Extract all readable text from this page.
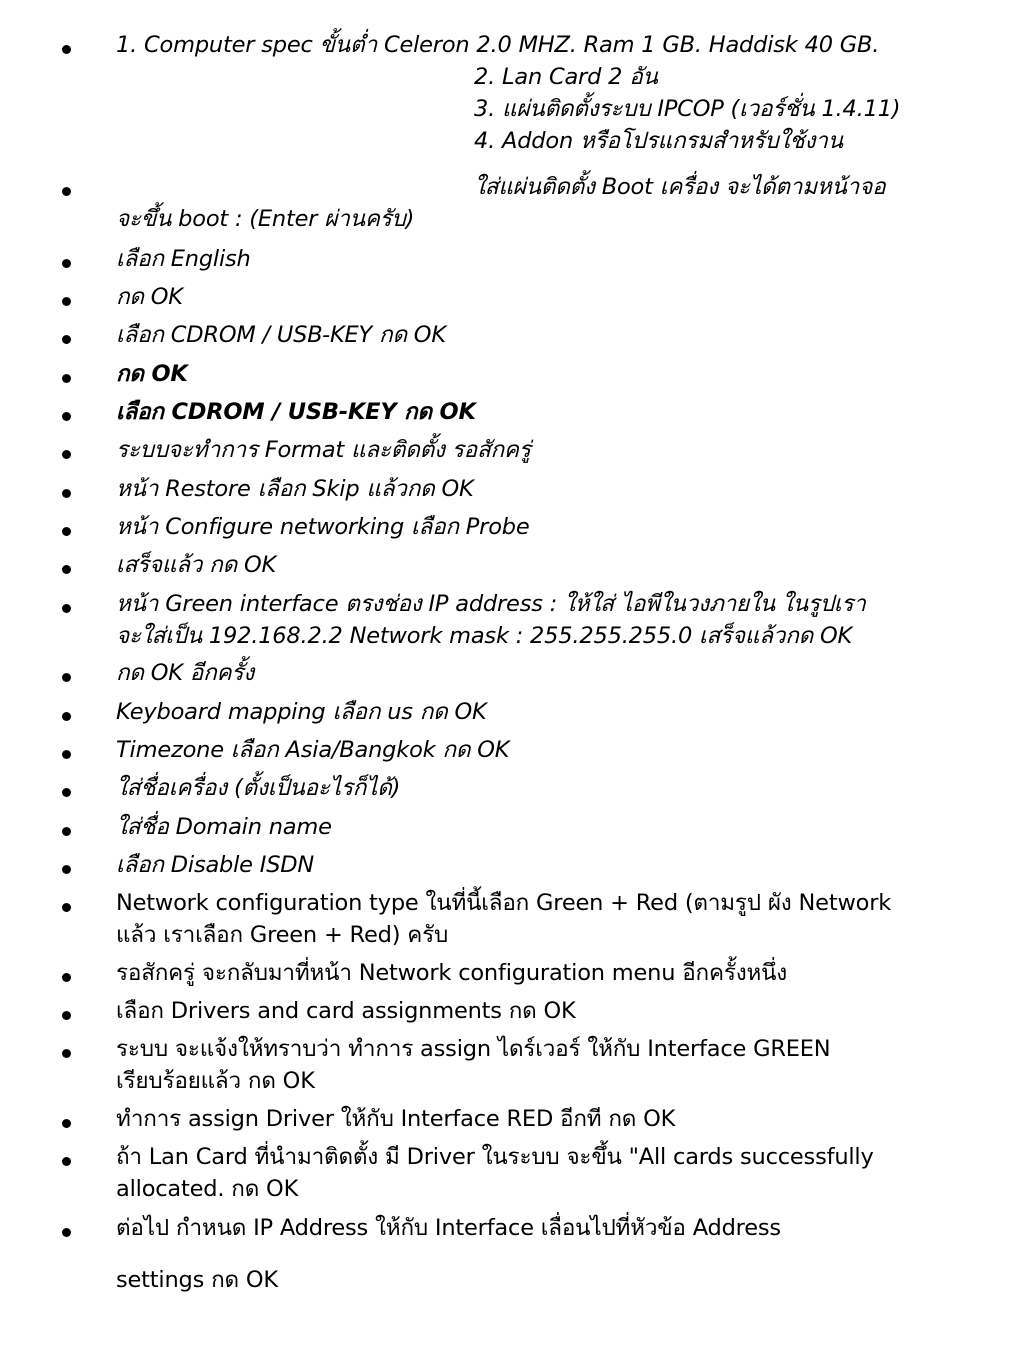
1. Computer spec ขั้นต่ำ Celeron 2.0 MHZ. Ram 1 GB. Haddisk 40 GB.
2. Lan Card 2 อัน
3. แผ่นติดตั้งระบบ IPCOP (เวอร์ชั่น 1.4.11)
4. Addon หรือโปรแกรมสำหรับใช้งาน
ใส่แผ่นติดตั้ง Boot เครื่อง จะได้ตามหน้าจอ
จะขึ้น boot : (Enter ผ่านครับ)
เลือก English
กด OK
เลือก CDROM / USB-KEY กด OK
กด OK
เลือก CDROM / USB-KEY กด OK
ระบบจะทำการ Format และติดตั้ง รอสักครู่
หน้า Restore เลือก Skip แล้วกด OK
หน้า Configure networking เลือก Probe
เสร็จแล้ว กด OK
หน้า Green interface ตรงช่อง IP address : ให้ใส่ ไอพีในวงภายใน ในรูปเรา
จะใส่เป็น 192.168.2.2 Network mask : 255.255.255.0 เสร็จแล้วกด OK
กด OK อีกครั้ง
Keyboard mapping เลือก us กด OK
Timezone เลือก Asia/Bangkok กด OK
ใส่ชื่อเครื่อง (ตั้งเป็นอะไรก็ได้)
ใส่ชื่อ Domain name
เลือก Disable ISDN
Network configuration type ในที่นี้เลือก Green + Red (ตามรูป ผัง Network
แล้ว เราเลือก Green + Red) ครับ
รอสักครู่ จะกลับมาที่หน้า Network configuration menu อีกครั้งหนึ่ง
เลือก Drivers and card assignments กด OK
ระบบ จะแจ้งให้ทราบว่า ทำการ assign ไดร์เวอร์ ให้กับ Interface GREEN
เรียบร้อยแล้ว กด OK
ทำการ assign Driver ให้กับ Interface RED อีกที กด OK
ถ้า Lan Card ที่นำมาติดตั้ง มี Driver ในระบบ จะขึ้น "All cards successfully
allocated. กด OK
ต่อไป กำหนด IP Address ให้กับ Interface เลื่อนไปที่หัวข้อ Address
settings กด OK
